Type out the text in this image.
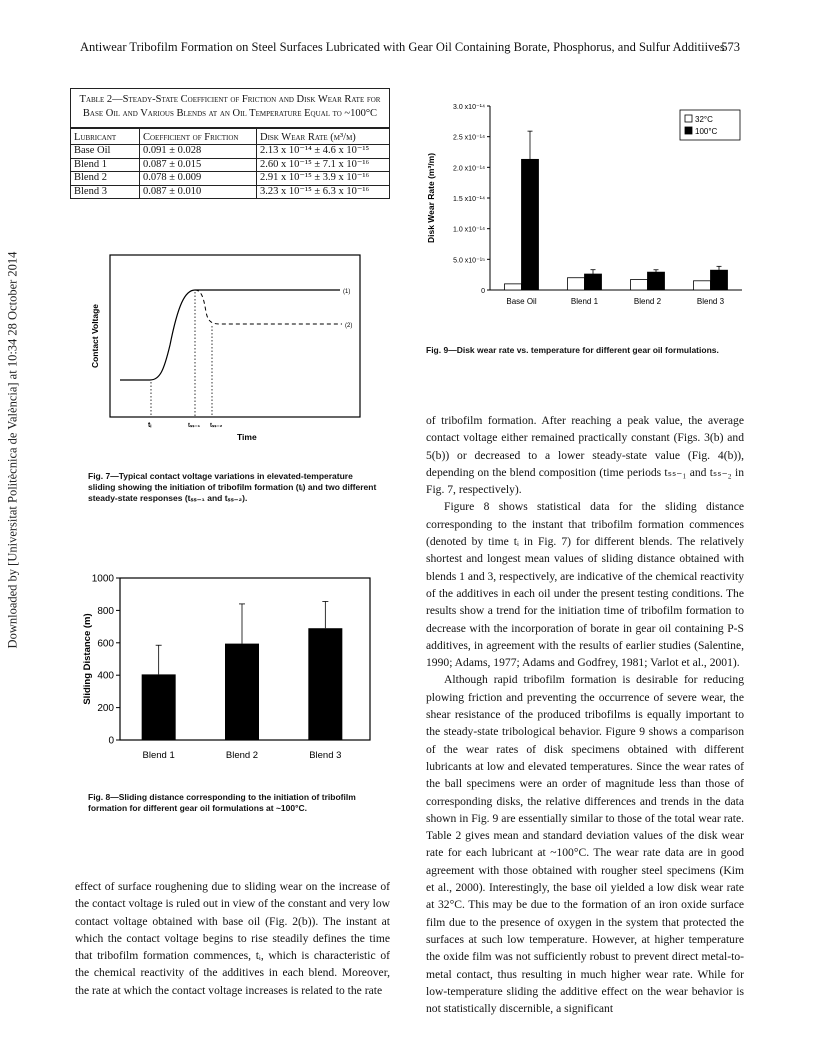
Antiwear Tribofilm Formation on Steel Surfaces Lubricated with Gear Oil Containing Borate, Phosphorus, and Sulfur Additiives
573
Downloaded by [Universitat Politècnica de València] at 10:34 28 October 2014
Table 2—Steady-State Coefficient of Friction and Disk Wear Rate for Base Oil and Various Blends at an Oil Temperature Equal to ~100°C
Lubricant	Coefficient of Friction	Disk Wear Rate (m³/m)
Base Oil	0.091 ± 0.028	2.13 x 10⁻¹⁴ ± 4.6 x 10⁻¹⁵
Blend 1	0.087 ± 0.015	2.60 x 10⁻¹⁵ ± 7.1 x 10⁻¹⁶
Blend 2	0.078 ± 0.009	2.91 x 10⁻¹⁵ ± 3.9 x 10⁻¹⁶
Blend 3	0.087 ± 0.010	3.23 x 10⁻¹⁵ ± 6.3 x 10⁻¹⁶
(1)
(2)
tᵢ	tₛₛ₋₁ tₛₛ₋₂
Time
Contact Voltage
Fig. 7—Typical contact voltage variations in elevated-temperature sliding showing the initiation of tribofilm formation (tᵢ) and two different steady-state responses (tₛₛ₋₁ and tₛₛ₋₂).
0
200
400
600
800
1000
Blend 1	Blend 2	Blend 3
Sliding Distance (m)
Fig. 8—Sliding distance corresponding to the initiation of tribofilm formation for different gear oil formulations at ~100°C.
0
5.0 x10⁻¹⁵
1.0 x10⁻¹⁴
1.5 x10⁻¹⁴
2.0 x10⁻¹⁴
2.5 x10⁻¹⁴
3.0 x10⁻¹⁴
Base Oil	Blend 1	Blend 2	Blend 3
32°C
100°C
Disk Wear Rate (m³/m)
Fig. 9—Disk wear rate vs. temperature for different gear oil formulations.

effect of surface roughening due to sliding wear on the increase of the contact voltage is ruled out in view of the constant and very low contact voltage obtained with base oil (Fig. 2(b)). The instant at which the contact voltage begins to rise steadily defines the time that tribofilm formation commences, tᵢ, which is characteristic of the chemical reactivity of the additives in each blend. Moreover, the rate at which the contact voltage increases is related to the rate

of tribofilm formation. After reaching a peak value, the average contact voltage either remained practically constant (Figs. 3(b) and 5(b)) or decreased to a lower steady-state value (Fig. 4(b)), depending on the blend composition (time periods tₛₛ₋₁ and tₛₛ₋₂ in Fig. 7, respectively).

Figure 8 shows statistical data for the sliding distance corresponding to the instant that tribofilm formation commences (denoted by time tᵢ in Fig. 7) for different blends. The relatively shortest and longest mean values of sliding distance obtained with blends 1 and 3, respectively, are indicative of the chemical reactivity of the additives in each oil under the present testing conditions. The results show a trend for the initiation time of tribofilm formation to decrease with the incorporation of borate in gear oil containing P-S additives, in agreement with the results of earlier studies (Salentine, 1990; Adams, 1977; Adams and Godfrey, 1981; Varlot et al., 2001).

Although rapid tribofilm formation is desirable for reducing plowing friction and preventing the occurrence of severe wear, the shear resistance of the produced tribofilms is equally important to the steady-state tribological behavior. Figure 9 shows a comparison of the wear rates of disk specimens obtained with different lubricants at low and elevated temperatures. Since the wear rates of the ball specimens were an order of magnitude less than those of corresponding disks, the relative differences and trends in the data shown in Fig. 9 are essentially similar to those of the total wear rate. Table 2 gives mean and standard deviation values of the disk wear rate for each lubricant at ~100°C. The wear rate data are in good agreement with those obtained with rougher steel specimens (Kim et al., 2000). Interestingly, the base oil yielded a low disk wear rate at 32°C. This may be due to the formation of an iron oxide surface film due to the presence of oxygen in the system that protected the surfaces at such low temperature. However, at higher temperature the oxide film was not sufficiently robust to prevent direct metal-to-metal contact, thus resulting in much higher wear rate. While for low-temperature sliding the additive effect on the wear behavior is not statistically discernible, a significant
